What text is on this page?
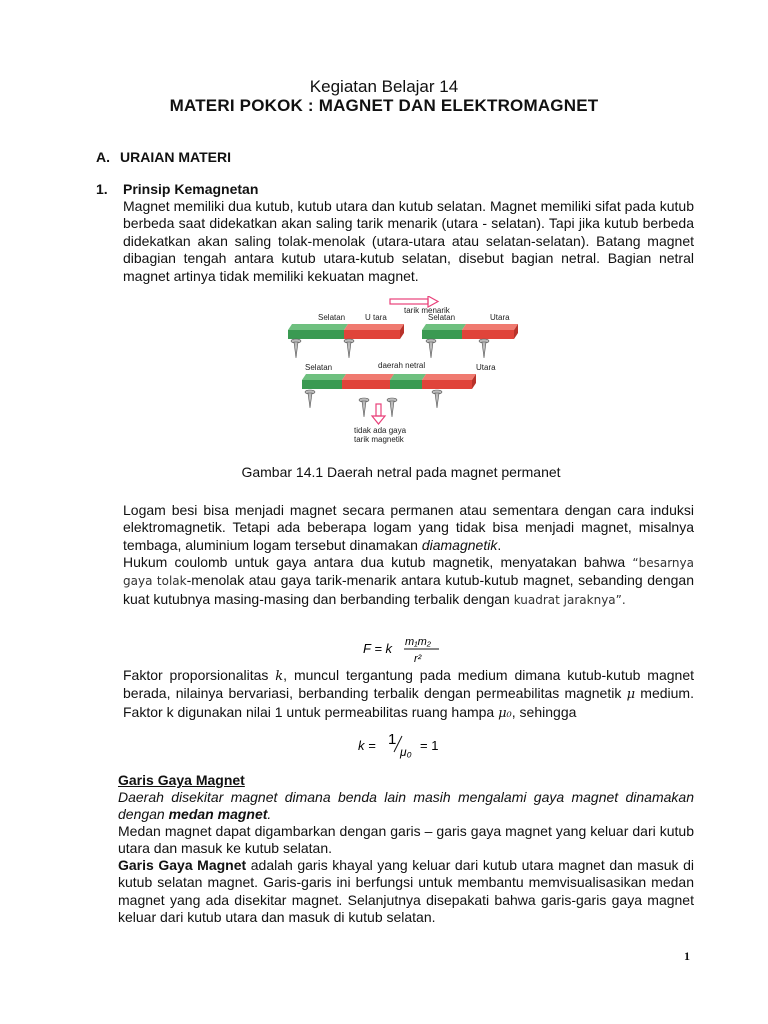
Kegiatan Belajar 14
MATERI POKOK : MAGNET DAN ELEKTROMAGNET
A. URAIAN MATERI
1. Prinsip Kemagnetan

Magnet memiliki dua kutub, kutub utara dan kutub selatan. Magnet memiliki sifat pada kutub berbeda saat didekatkan akan saling tarik menarik (utara - selatan). Tapi jika kutub berbeda didekatkan akan saling tolak-menolak (utara-utara atau selatan-selatan). Batang magnet dibagian tengah antara kutub utara-kutub selatan, disebut bagian netral. Bagian netral magnet artinya tidak memiliki kekuatan magnet.

tarik menarik
Selatan U tara	Selatan	Utara
Selatan	daerah netral	Utara
tidak ada gaya
tarik magnetik
Gambar 14.1 Daerah netral pada magnet permanet

Logam besi bisa menjadi magnet secara permanen atau sementara dengan cara induksi elektromagnetik. Tetapi ada beberapa logam yang tidak bisa menjadi magnet, misalnya tembaga, aluminium logam tersebut dinamakan diamagnetik.

Hukum coulomb untuk gaya antara dua kutub magnetik, menyatakan bahwa “besarnya gaya tolak-menolak atau gaya tarik-menarik antara kutub-kutub magnet, sebanding dengan kuat kutubnya masing-masing dan berbanding terbalik dengan kuadrat jaraknya”.

F = k m₁m₂
r²

Faktor proporsionalitas k, muncul tergantung pada medium dimana kutub-kutub magnet berada, nilainya bervariasi, berbanding terbalik dengan permeabilitas magnetik μ medium. Faktor k digunakan nilai 1 untuk permeabilitas ruang hampa μ₀, sehingga

k = 1
μ₀ = 1
Garis Gaya Magnet

Daerah disekitar magnet dimana benda lain masih mengalami gaya magnet dinamakan dengan medan magnet.

Medan magnet dapat digambarkan dengan garis – garis gaya magnet yang keluar dari kutub utara dan masuk ke kutub selatan.

Garis Gaya Magnet adalah garis khayal yang keluar dari kutub utara magnet dan masuk di kutub selatan magnet. Garis-garis ini berfungsi untuk membantu memvisualisasikan medan magnet yang ada disekitar magnet. Selanjutnya disepakati bahwa garis-garis gaya magnet keluar dari kutub utara dan masuk di kutub selatan.

1
